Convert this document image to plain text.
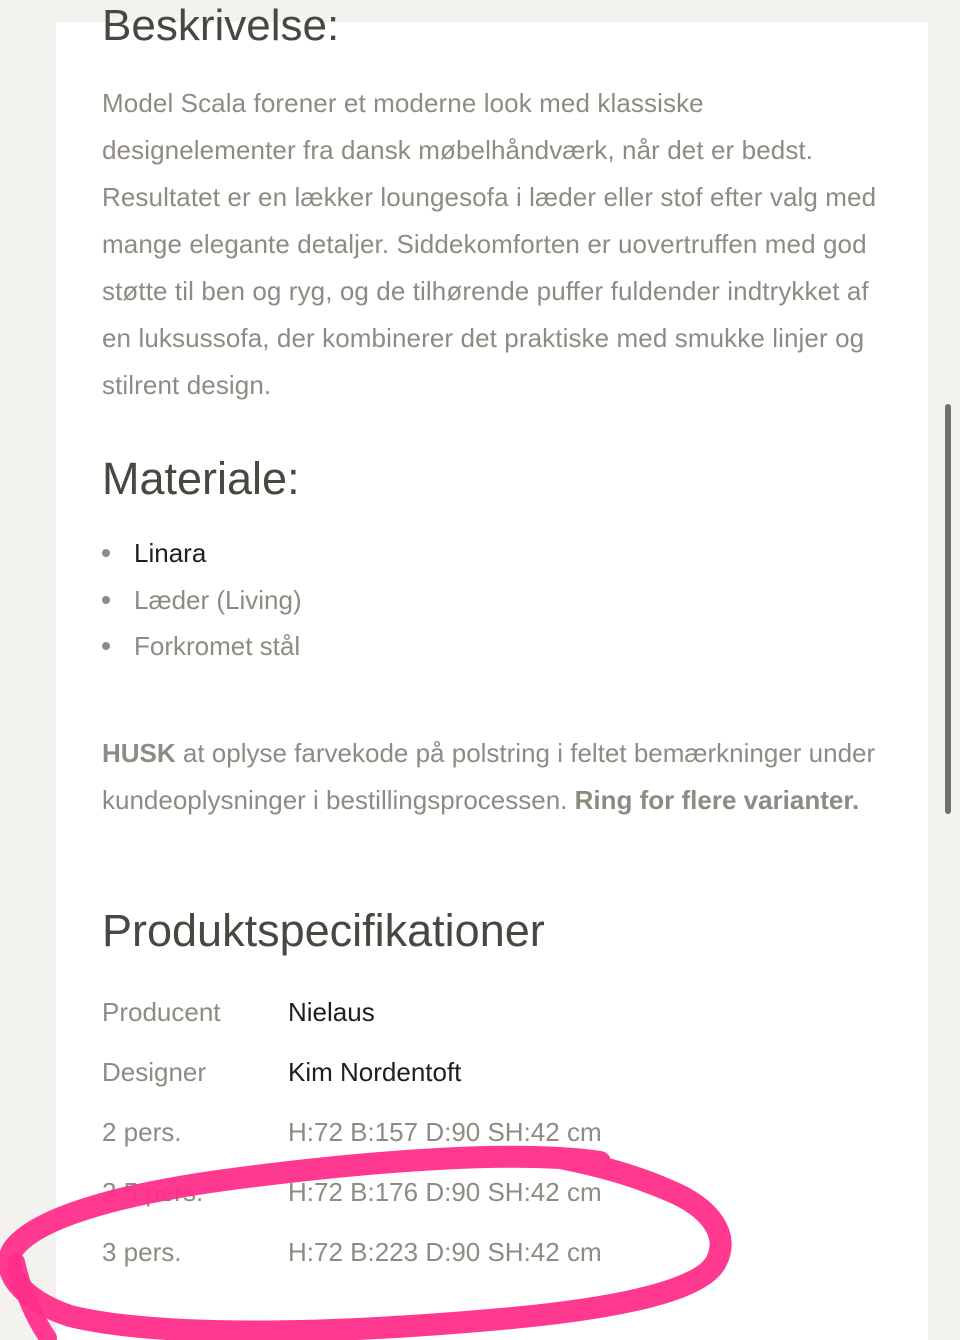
Beskrivelse:

Model Scala forener et moderne look med klassiske designelementer fra dansk møbelhåndværk, når det er bedst. Resultatet er en lækker loungesofa i læder eller stof efter valg med mange elegante detaljer. Siddekomforten er uovertruffen med god støtte til ben og ryg, og de tilhørende puffer fuldender indtrykket af en luksussofa, der kombinerer det praktiske med smukke linjer og stilrent design.

Materiale:
Linara
Læder (Living)
Forkromet stål

HUSK at oplyse farvekode på polstring i feltet bemærkninger under kundeoplysninger i bestillingsprocessen. Ring for flere varianter.

Produktspecifikationer
Producent	Nielaus
Designer	Kim Nordentoft
2 pers.	H:72 B:157 D:90 SH:42 cm
2,5 pers.	H:72 B:176 D:90 SH:42 cm
3 pers.	H:72 B:223 D:90 SH:42 cm
